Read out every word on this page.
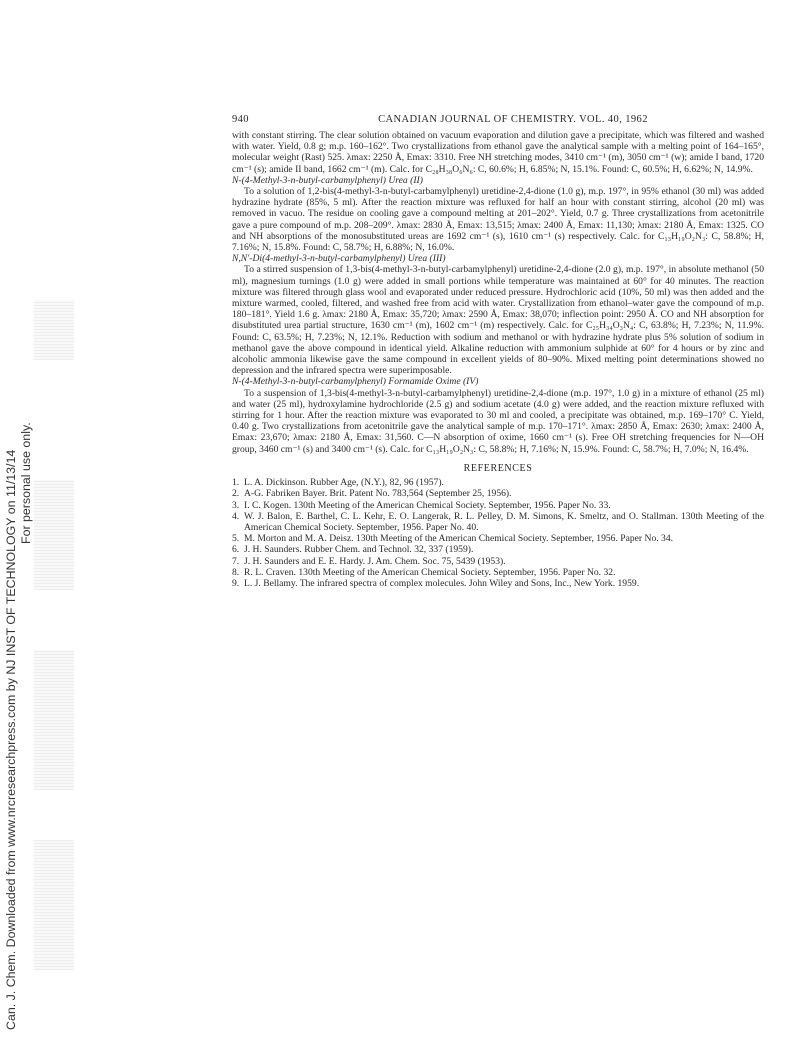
Can. J. Chem. Downloaded from www.nrcresearchpress.com by NJ INST OF TECHNOLOGY on 11/13/14 For personal use only.
940	CANADIAN JOURNAL OF CHEMISTRY. VOL. 40, 1962

with constant stirring. The clear solution obtained on vacuum evaporation and dilution gave a precipitate, which was filtered and washed with water. Yield, 0.8 g; m.p. 160–162°. Two crystallizations from ethanol gave the analytical sample with a melting point of 164–165°, molecular weight (Rast) 525. λmax: 2250 Å, Emax: 3310. Free NH stretching modes, 3410 cm⁻¹ (m), 3050 cm⁻¹ (w); amide I band, 1720 cm⁻¹ (s); amide II band, 1662 cm⁻¹ (m). Calc. for C₂₈H₃₈O₆N₆: C, 60.6%; H, 6.85%; N, 15.1%. Found: C, 60.5%; H, 6.62%; N, 14.9%.

N-(4-Methyl-3-n-butyl-carbamylphenyl) Urea (II)

To a solution of 1,2-bis(4-methyl-3-n-butyl-carbamylphenyl) uretidine-2,4-dione (1.0 g), m.p. 197°, in 95% ethanol (30 ml) was added hydrazine hydrate (85%, 5 ml). After the reaction mixture was refluxed for half an hour with constant stirring, alcohol (20 ml) was removed in vacuo. The residue on cooling gave a compound melting at 201–202°. Yield, 0.7 g. Three crystallizations from acetonitrile gave a pure compound of m.p. 208–209°. λmax: 2830 Å, Emax: 13,515; λmax: 2400 Å, Emax: 11,130; λmax: 2180 Å, Emax: 1325. CO and NH absorptions of the monosubstituted ureas are 1692 cm⁻¹ (s), 1610 cm⁻¹ (s) respectively. Calc. for C₁₃H₁₉O₂N₃: C, 58.8%; H, 7.16%; N, 15.8%. Found: C, 58.7%; H, 6.88%; N, 16.0%.

N,N′-Di(4-methyl-3-n-butyl-carbamylphenyl) Urea (III)

To a stirred suspension of 1,3-bis(4-methyl-3-n-butyl-carbamylphenyl) uretidine-2,4-dione (2.0 g), m.p. 197°, in absolute methanol (50 ml), magnesium turnings (1.0 g) were added in small portions while temperature was maintained at 60° for 40 minutes. The reaction mixture was filtered through glass wool and evaporated under reduced pressure. Hydrochloric acid (10%, 50 ml) was then added and the mixture warmed, cooled, filtered, and washed free from acid with water. Crystallization from ethanol–water gave the compound of m.p. 180–181°. Yield 1.6 g. λmax: 2180 Å, Emax: 35,720; λmax: 2590 Å, Emax: 38,070; inflection point: 2950 Å. CO and NH absorption for disubstituted urea partial structure, 1630 cm⁻¹ (m), 1602 cm⁻¹ (m) respectively. Calc. for C₂₅H₃₄O₃N₄: C, 63.8%; H, 7.23%; N, 11.9%. Found: C, 63.5%; H, 7.23%; N, 12.1%. Reduction with sodium and methanol or with hydrazine hydrate plus 5% solution of sodium in methanol gave the above compound in identical yield. Alkaline reduction with ammonium sulphide at 60° for 4 hours or by zinc and alcoholic ammonia likewise gave the same compound in excellent yields of 80–90%. Mixed melting point determinations showed no depression and the infrared spectra were superimposable.

N-(4-Methyl-3-n-butyl-carbamylphenyl) Formamide Oxime (IV)

To a suspension of 1,3-bis(4-methyl-3-n-butyl-carbamylphenyl) uretidine-2,4-dione (m.p. 197°, 1.0 g) in a mixture of ethanol (25 ml) and water (25 ml), hydroxylamine hydrochloride (2.5 g) and sodium acetate (4.0 g) were added, and the reaction mixture refluxed with stirring for 1 hour. After the reaction mixture was evaporated to 30 ml and cooled, a precipitate was obtained, m.p. 169–170° C. Yield, 0.40 g. Two crystallizations from acetonitrile gave the analytical sample of m.p. 170–171°. λmax: 2850 Å, Emax: 2630; λmax: 2400 Å, Emax: 23,670; λmax: 2180 Å, Emax: 31,560. C—N absorption of oxime, 1660 cm⁻¹ (s). Free OH stretching frequencies for N—OH group, 3460 cm⁻¹ (s) and 3400 cm⁻¹ (s). Calc. for C₁₃H₁₉O₂N₃: C, 58.8%; H, 7.16%; N, 15.9%. Found: C, 58.7%; H, 7.0%; N, 16.4%.

REFERENCES
1. L. A. Dickinson. Rubber Age, (N.Y.), 82, 96 (1957).
2. A-G. Fabriken Bayer. Brit. Patent No. 783,564 (September 25, 1956).
3. I. C. Kogen. 130th Meeting of the American Chemical Society. September, 1956. Paper No. 33.
4. W. J. Balon, E. Barthel, C. L. Kehr, E. O. Langerak, R. L. Pelley, D. M. Simons, K. Smeltz, and O. Stallman. 130th Meeting of the American Chemical Society. September, 1956. Paper No. 40.
5. M. Morton and M. A. Deisz. 130th Meeting of the American Chemical Society. September, 1956. Paper No. 34.
6. J. H. Saunders. Rubber Chem. and Technol. 32, 337 (1959).
7. J. H. Saunders and E. E. Hardy. J. Am. Chem. Soc. 75, 5439 (1953).
8. R. L. Craven. 130th Meeting of the American Chemical Society. September, 1956. Paper No. 32.
9. L. J. Bellamy. The infrared spectra of complex molecules. John Wiley and Sons, Inc., New York. 1959.
